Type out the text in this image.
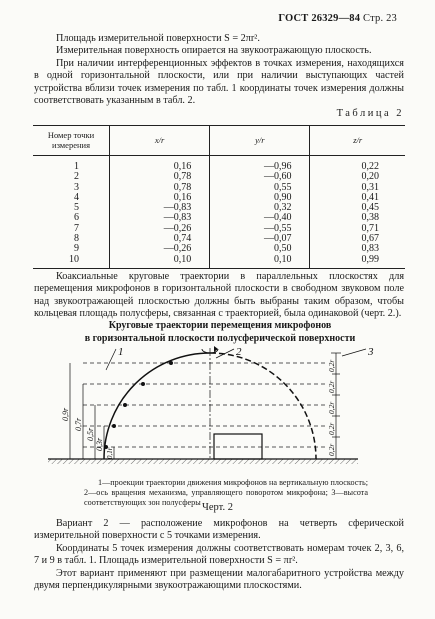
ГОСТ 26329—84 Стр. 23

Площадь измерительной поверхности S = 2πr².

Измерительная поверхность опирается на звукоотражающую плоскость.

При наличии интерференционных эффектов в точках измерения, находящихся в одной горизонтальной плоскости, или при наличии выступающих частей устройства вблизи точек измерения по табл. 1 координаты точек измерения должны соответствовать указанным в табл. 2.

Таблица 2
Номер точки измерения	x/r	y/r	z/r
1	0,16	—0,96	0,22
2	0,78	—0,60	0,20
3	0,78	0,55	0,31
4	0,16	0,90	0,41
5	—0,83	0,32	0,45
6	—0,83	—0,40	0,38
7	—0,26	—0,55	0,71
8	0,74	—0,07	0,67
9	—0,26	0,50	0,83
10	0,10	0,10	0,99

Коаксиальные круговые траектории в параллельных плоскостях для перемещения микрофонов в горизонтальной плоскости в свободном звуковом поле над звукоотражающей плоскостью должны быть выбраны таким образом, чтобы кольцевая площадь полусферы, связанная с траекторией, была одинаковой (черт. 2.).

Круговые траектории перемещения микрофонов
в горизонтальной плоскости полусферической поверхности
0,9r
0,7r
0,5r
0,3r
0,1r
0,2r
0,2r
0,2r
0,2r
0,2r
1	2	3

1—проекции траектории движения микрофонов на вертикальную плоскость; 2—ось вращения механизма, управляющего поворотом микрофона; 3—высота соответствующих зон полусферы Черт. 2

Вариант 2 — расположение микрофонов на четверть сферической измерительной поверхности с 5 точками измерения.

Координаты 5 точек измерения должны соответствовать номерам точек 2, 3, 6, 7 и 9 в табл. 1. Площадь измерительной поверхности S = πr².

Этот вариант применяют при размещении малогабаритного устройства между двумя перпендикулярными звукоотражающими плоскостями.
